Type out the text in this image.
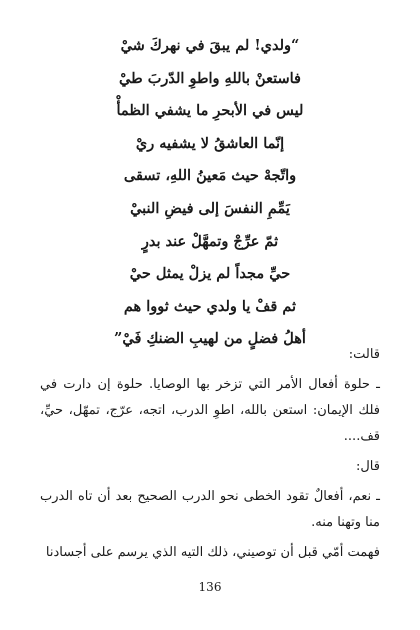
“ولدي! لم يبقَ في نهركَ شيْ
فاستعنْ باللهِ واطوِ الدّربَ طيْ
ليس في الأبحرِ ما يشفي الظمأْ
إنّما العاشقُ لا يشفيه ريْ
واتّجهْ حيث مَعينُ اللهِ، تسقى
يَمِّمِ النفسَ إلى فيضِ النبيْ
ثمّ عرِّجْ وتمهَّلْ عند بدرٍ
حيِّ مجداً لم يزلْ يمثل حيْ
ثم قفْ يا ولدي حيث ثووا هم
أهلُ فضلٍ من لهيبِ الضنكِ فَيْ”

قالت:

ـ حلوة أفعال الأمر التي تزخر بها الوصايا. حلوة إن دارت في فلك الإيمان: استعن بالله، اطوِ الدرب، اتجه، عرّج، تمهّل، حيِّ، قف....

قال:

ـ نعم، أفعالٌ تقود الخطى نحو الدرب الصحيح بعد أن تاه الدرب منا وتهنا منه.

فهمت أمّي قبل أن توصيني، ذلك التيه الذي يرسم على أجسادنا

136
